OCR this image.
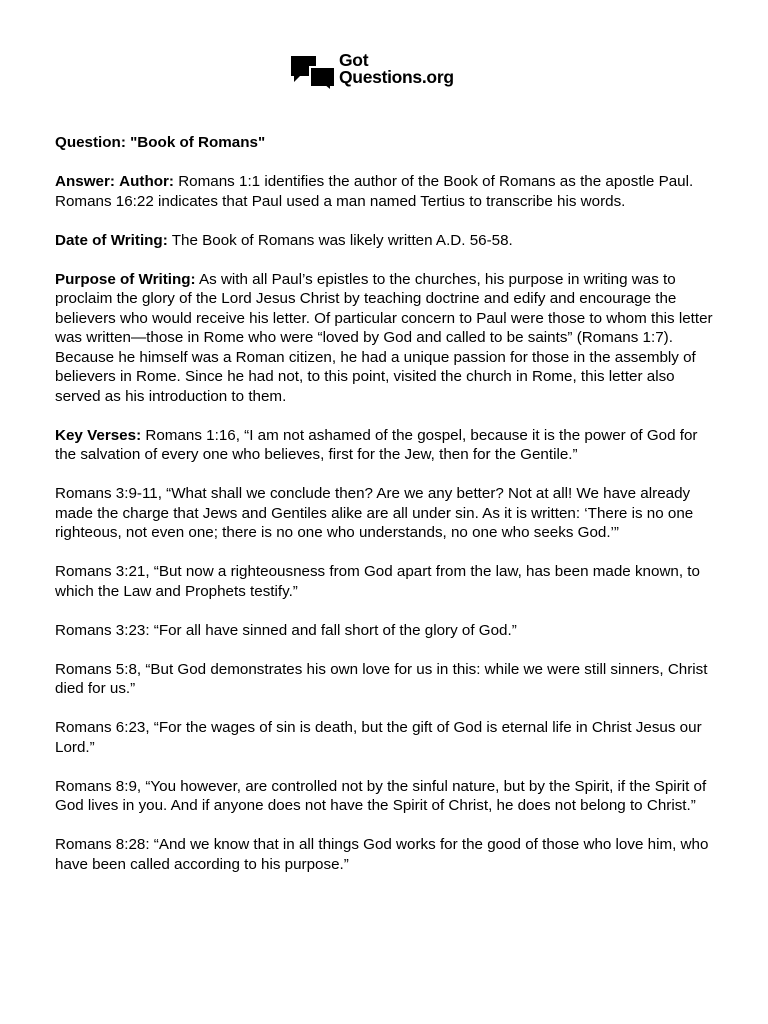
Got
Questions.org

Question: "Book of Romans"

Answer: Author: Romans 1:1 identifies the author of the Book of Romans as the apostle Paul. Romans 16:22 indicates that Paul used a man named Tertius to transcribe his words.

Date of Writing: The Book of Romans was likely written A.D. 56-58.

Purpose of Writing: As with all Paul’s epistles to the churches, his purpose in writing was to proclaim the glory of the Lord Jesus Christ by teaching doctrine and edify and encourage the believers who would receive his letter. Of particular concern to Paul were those to whom this letter was written—those in Rome who were “loved by God and called to be saints” (Romans 1:7). Because he himself was a Roman citizen, he had a unique passion for those in the assembly of believers in Rome. Since he had not, to this point, visited the church in Rome, this letter also served as his introduction to them.

Key Verses: Romans 1:16, “I am not ashamed of the gospel, because it is the power of God for the salvation of every one who believes, first for the Jew, then for the Gentile.”

Romans 3:9-11, “What shall we conclude then? Are we any better? Not at all! We have already made the charge that Jews and Gentiles alike are all under sin. As it is written: ‘There is no one righteous, not even one; there is no one who understands, no one who seeks God.’”

Romans 3:21, “But now a righteousness from God apart from the law, has been made known, to which the Law and Prophets testify.”

Romans 3:23: “For all have sinned and fall short of the glory of God.”

Romans 5:8, “But God demonstrates his own love for us in this: while we were still sinners, Christ died for us.”

Romans 6:23, “For the wages of sin is death, but the gift of God is eternal life in Christ Jesus our Lord.”

Romans 8:9, “You however, are controlled not by the sinful nature, but by the Spirit, if the Spirit of God lives in you. And if anyone does not have the Spirit of Christ, he does not belong to Christ.”

Romans 8:28: “And we know that in all things God works for the good of those who love him, who have been called according to his purpose.”
